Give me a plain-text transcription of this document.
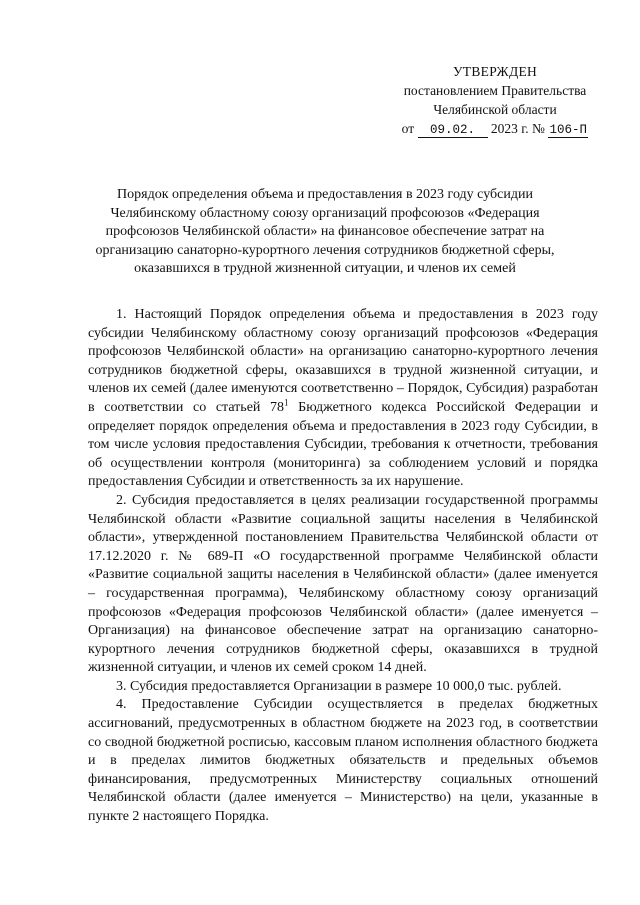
УТВЕРЖДЕН
постановлением Правительства
Челябинской области
от 09.02. 2023 г. № 106-П
Порядок определения объема и предоставления в 2023 году субсидии Челябинскому областному союзу организаций профсоюзов «Федерация профсоюзов Челябинской области» на финансовое обеспечение затрат на организацию санаторно-курортного лечения сотрудников бюджетной сферы, оказавшихся в трудной жизненной ситуации, и членов их семей

1. Настоящий Порядок определения объема и предоставления в 2023 году субсидии Челябинскому областному союзу организаций профсоюзов «Федерация профсоюзов Челябинской области» на организацию санаторно-курортного лечения сотрудников бюджетной сферы, оказавшихся в трудной жизненной ситуации, и членов их семей (далее именуются соответственно – Порядок, Субсидия) разработан в соответствии со статьей $78^1$ Бюджетного кодекса Российской Федерации и определяет порядок определения объема и предоставления в 2023 году Субсидии, в том числе условия предоставления Субсидии, требования к отчетности, требования об осуществлении контроля (мониторинга) за соблюдением условий и порядка предоставления Субсидии и ответственность за их нарушение.

2. Субсидия предоставляется в целях реализации государственной программы Челябинской области «Развитие социальной защиты населения в Челябинской области», утвержденной постановлением Правительства Челябинской области от 17.12.2020 г. № 689-П «О государственной программе Челябинской области «Развитие социальной защиты населения в Челябинской области» (далее именуется – государственная программа), Челябинскому областному союзу организаций профсоюзов «Федерация профсоюзов Челябинской области» (далее именуется – Организация) на финансовое обеспечение затрат на организацию санаторно-курортного лечения сотрудников бюджетной сферы, оказавшихся в трудной жизненной ситуации, и членов их семей сроком 14 дней.

3. Субсидия предоставляется Организации в размере 10 000,0 тыс. рублей.

4. Предоставление Субсидии осуществляется в пределах бюджетных ассигнований, предусмотренных в областном бюджете на 2023 год, в соответствии со сводной бюджетной росписью, кассовым планом исполнения областного бюджета и в пределах лимитов бюджетных обязательств и предельных объемов финансирования, предусмотренных Министерству социальных отношений Челябинской области (далее именуется – Министерство) на цели, указанные в пункте 2 настоящего Порядка.
